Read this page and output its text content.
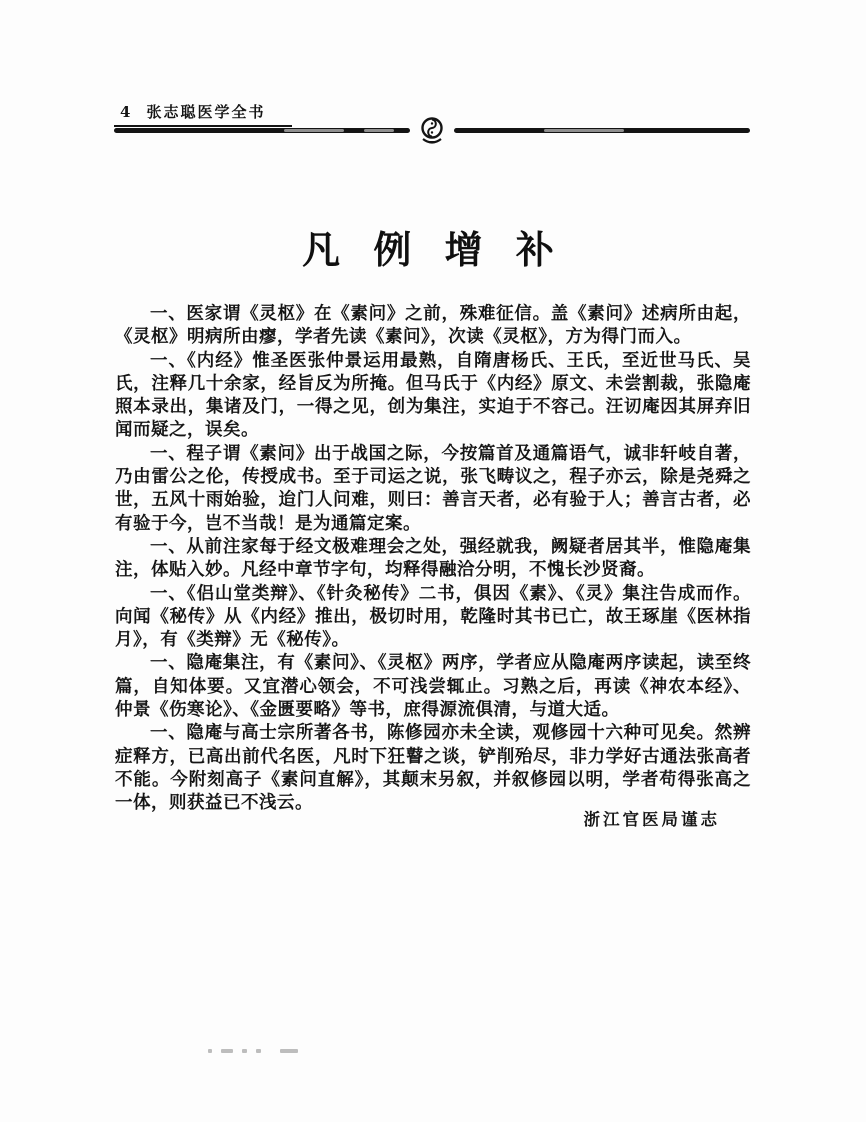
4 张志聪医学全书
凡 例 增 补

一、医家谓《灵枢》在《素问》之前，殊难征信。盖《素问》述病所由起，《灵枢》明病所由瘳，学者先读《素问》，次读《灵枢》，方为得门而入。

一、《内经》惟圣医张仲景运用最熟，自隋唐杨氏、王氏，至近世马氏、吴氏，注释几十余家，经旨反为所掩。但马氏于《内经》原文、未尝割裁，张隐庵照本录出，集诸及门，一得之见，创为集注，实迫于不容己。汪讱庵因其屏弃旧闻而疑之，误矣。

一、程子谓《素问》出于战国之际，今按篇首及通篇语气，诚非轩岐自著，乃由雷公之伦，传授成书。至于司运之说，张飞畴议之，程子亦云，除是尧舜之世，五风十雨始验，迨门人问难，则曰：善言天者，必有验于人；善言古者，必有验于今，岂不当哉！是为通篇定案。

一、从前注家每于经文极难理会之处，强经就我，阙疑者居其半，惟隐庵集注，体贴入妙。凡经中章节字句，均释得融洽分明，不愧长沙贤裔。

一、《侣山堂类辩》、《针灸秘传》二书，俱因《素》、《灵》集注告成而作。向闻《秘传》从《内经》推出，极切时用，乾隆时其书已亡，故王琢崖《医林指月》，有《类辩》无《秘传》。

一、隐庵集注，有《素问》、《灵枢》两序，学者应从隐庵两序读起，读至终篇，自知体要。又宜潜心领会，不可浅尝辄止。习熟之后，再读《神农本经》、仲景《伤寒论》、《金匮要略》等书，庶得源流俱清，与道大适。

一、隐庵与高士宗所著各书，陈修园亦未全读，观修园十六种可见矣。然辨症释方，已高出前代名医，凡时下狂瞽之谈，铲削殆尽，非力学好古通法张高者不能。今附刻高子《素问直解》，其颠末另叙，并叙修园以明，学者苟得张高之一体，则获益已不浅云。

浙江官医局谨志
